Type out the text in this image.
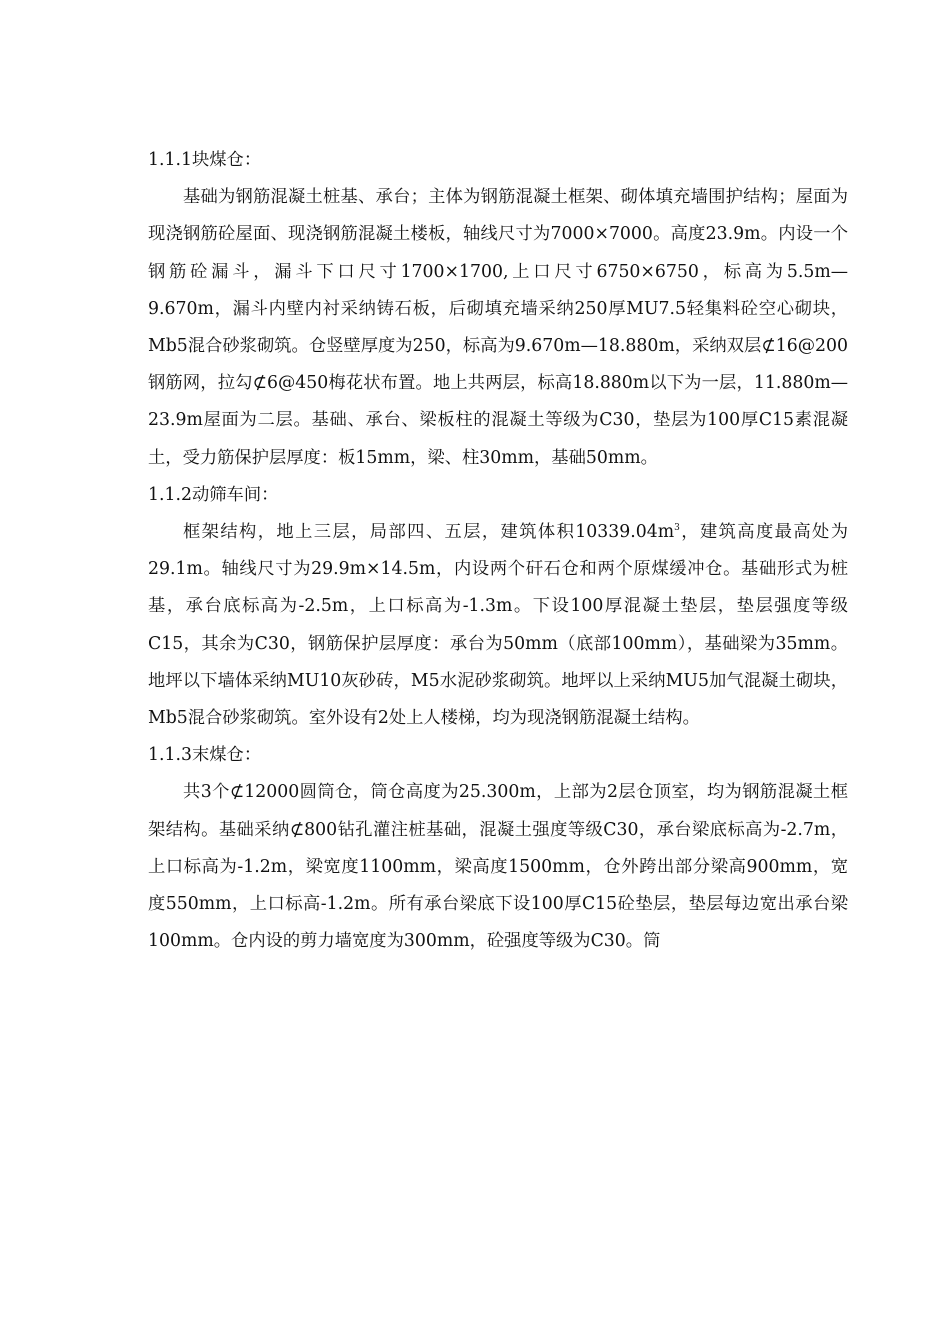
1.1.1块煤仓：

基础为钢筋混凝土桩基、承台；主体为钢筋混凝土框架、砌体填充墙围护结构；屋面为现浇钢筋砼屋面、现浇钢筋混凝土楼板，轴线尺寸为7000×7000。高度23.9m。内设一个钢筋砼漏斗，漏斗下口尺寸1700×1700,上口尺寸6750×6750，标高为5.5m—9.670m，漏斗内壁内衬采纳铸石板，后砌填充墙采纳250厚MU7.5轻集料砼空心砌块，Mb5混合砂浆砌筑。仓竖壁厚度为250，标高为9.670m—18.880m，采纳双层⊄16@200钢筋网，拉勾⊄6@450梅花状布置。地上共两层，标高18.880m以下为一层，11.880m—23.9m屋面为二层。基础、承台、梁板柱的混凝土等级为C30，垫层为100厚C15素混凝土，受力筋保护层厚度：板15mm，梁、柱30mm，基础50mm。

1.1.2动筛车间：

框架结构，地上三层，局部四、五层，建筑体积$10339.04m^3$，建筑高度最高处为29.1m。轴线尺寸为29.9m×14.5m，内设两个矸石仓和两个原煤缓冲仓。基础形式为桩基，承台底标高为-2.5m，上口标高为-1.3m。下设100厚混凝土垫层，垫层强度等级C15，其余为C30，钢筋保护层厚度：承台为50mm（底部100mm），基础梁为35mm。地坪以下墙体采纳MU10灰砂砖，M5水泥砂浆砌筑。地坪以上采纳MU5加气混凝土砌块，Mb5混合砂浆砌筑。室外设有2处上人楼梯，均为现浇钢筋混凝土结构。

1.1.3末煤仓：

共3个⊄12000圆筒仓，筒仓高度为25.300m，上部为2层仓顶室，均为钢筋混凝土框架结构。基础采纳⊄800钻孔灌注桩基础，混凝土强度等级C30，承台梁底标高为-2.7m，上口标高为-1.2m，梁宽度1100mm，梁高度1500mm，仓外跨出部分梁高900mm，宽度550mm，上口标高-1.2m。所有承台梁底下设100厚C15砼垫层，垫层每边宽出承台梁100mm。仓内设的剪力墙宽度为300mm，砼强度等级为C30。筒
